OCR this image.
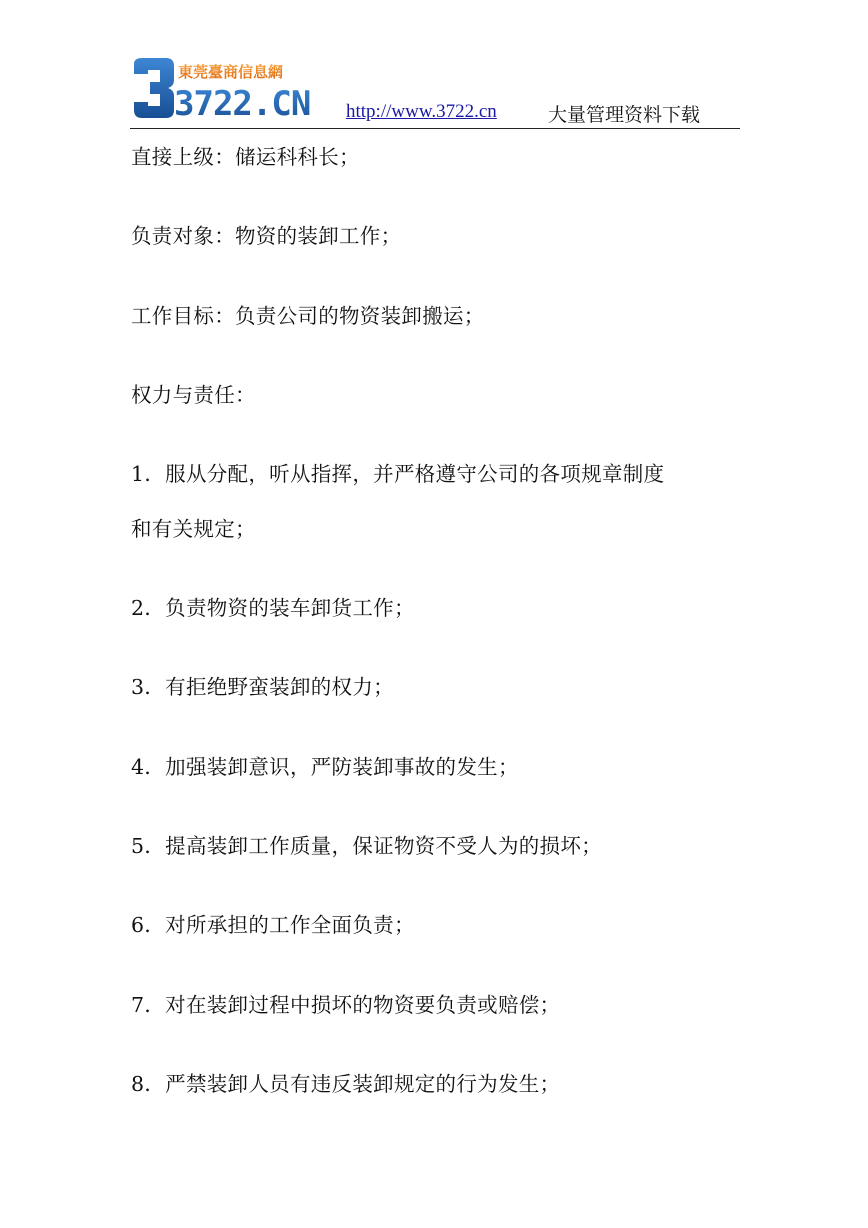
東莞臺商信息網
3722.CN http://www.3722.cn	大量管理资料下载
直接上级：储运科科长；
负责对象：物资的装卸工作；
工作目标：负责公司的物资装卸搬运；
权力与责任：
1．服从分配，听从指挥，并严格遵守公司的各项规章制度
和有关规定；
2．负责物资的装车卸货工作；
3．有拒绝野蛮装卸的权力；
4．加强装卸意识，严防装卸事故的发生；
5．提高装卸工作质量，保证物资不受人为的损坏；
6．对所承担的工作全面负责；
7．对在装卸过程中损坏的物资要负责或赔偿；
8．严禁装卸人员有违反装卸规定的行为发生；
